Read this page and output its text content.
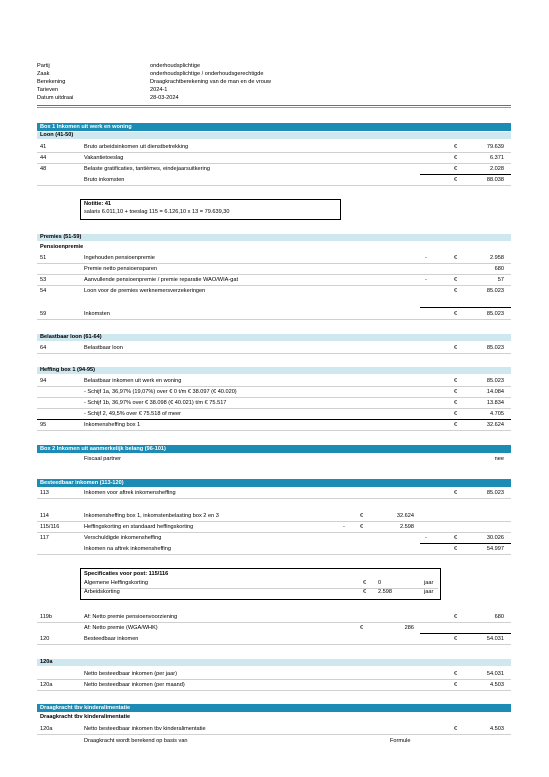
Partij	onderhoudsplichtige
Zaak	onderhoudsplichtige / onderhoudsgerechtigde
Berekening	Draagkrachtberekening van de man en de vrouw
Tarieven	2024-1
Datum uitdraai	28-03-2024
Box 1 Inkomen uit werk en woning
Loon (41-50)
41	Bruto arbeidsinkomen uit dienstbetrekking	€	79.639
44	Vakantietoeslag	€	6.371
48	Belaste gratificaties, tantièmes, eindejaarsuitkering	€	2.028
Bruto inkomsten	€	88.038
Notitie: 41
salaris 6.011,10 + toeslag 115 = 6.126,10 x 13 = 79.639,30
Premies (51-59)
Pensioenpremie
51	Ingehouden pensioenpremie	-	€	2.958
Premie netto pensioensparen	680
53	Aanvullende pensioenpremie / premie reparatie WAO/WIA-gat	-	€	57
54	Loon voor de premies werknemersverzekeringen	€	85.023
59	Inkomsten	€	85.023
Belastbaar loon (61-64)
64	Belastbaar loon	€	85.023
Heffing box 1 (94-95)
94	Belastbaar inkomen uit werk en woning	€	85.023
- Schijf 1a, 36,97% (19,07%) over € 0 t/m € 38.097 (€ 40.020)	€	14.084
- Schijf 1b, 36,97% over € 38.098 (€ 40.021) t/m € 75.517	€	13.834
- Schijf 2, 49,5% over € 75.518 of meer	€	4.705
95	Inkomensheffing box 1	€	32.624
Box 2 Inkomen uit aanmerkelijk belang (96-101)
Fiscaal partner	nee
Besteedbaar inkomen (113-120)
113	Inkomen voor aftrek inkomensheffing	€	85.023
114	Inkomensheffing box 1, inkomstenbelasting box 2 en 3	€	32.624
115/116	Heffingskorting en standaard heffingskorting	-	€	2.598
117	Verschuldigde inkomensheffing	-	€	30.026
Inkomen na aftrek inkomensheffing	€	54.997
Specificaties voor post: 115/116
Algemene Heffingskorting	€ 0	jaar
Arbeidskorting	€ 2.598	jaar
119b	Af: Netto premie pensioenvoorziening	€	680
Af: Netto premie (WGA/WHK)	€	286
120	Besteedbaar inkomen	€	54.031
120a
Netto besteedbaar inkomen (per jaar)	€	54.031
120a	Netto besteedbaar inkomen (per maand)	€	4.503
Draagkracht tbv kinderalimentatie
Draagkracht tbv kinderalimentatie
120a	Netto besteedbaar inkomen tbv kinderalimentatie	€	4.503
Draagkracht wordt berekend op basis van	Formule
